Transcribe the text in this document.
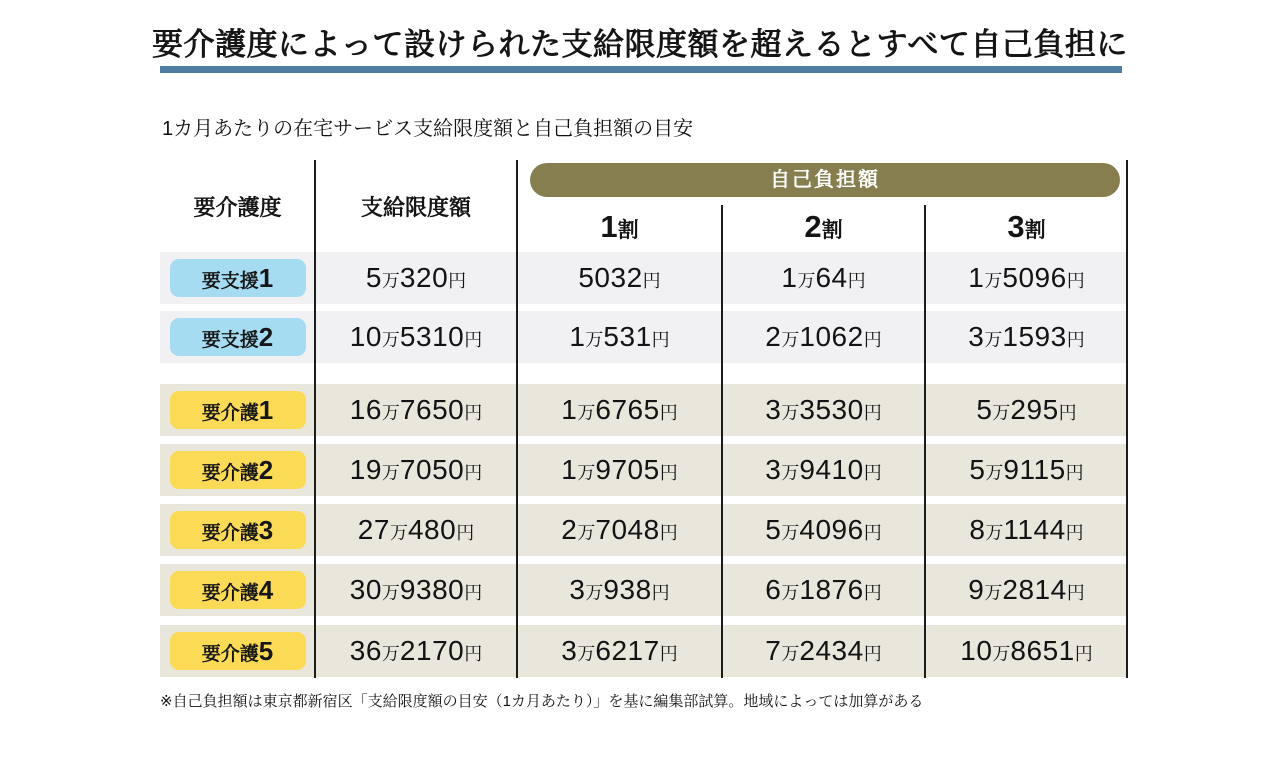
要介護度によって設けられた支給限度額を超えるとすべて自己負担に
1カ月あたりの在宅サービス支給限度額と自己負担額の目安
要介護度	支給限度額
自己負担額
1割	2割	3割
要支援1	5万320円	5032円	1万64円	1万5096円
要支援2	10万5310円	1万531円	2万1062円	3万1593円
要介護1	16万7650円	1万6765円	3万3530円	5万295円
要介護2	19万7050円	1万9705円	3万9410円	5万9115円
要介護3	27万480円	2万7048円	5万4096円	8万1144円
要介護4	30万9380円	3万938円	6万1876円	9万2814円
要介護5	36万2170円	3万6217円	7万2434円	10万8651円
※自己負担額は東京都新宿区「支給限度額の目安（1カ月あたり）」を基に編集部試算。地域によっては加算がある
